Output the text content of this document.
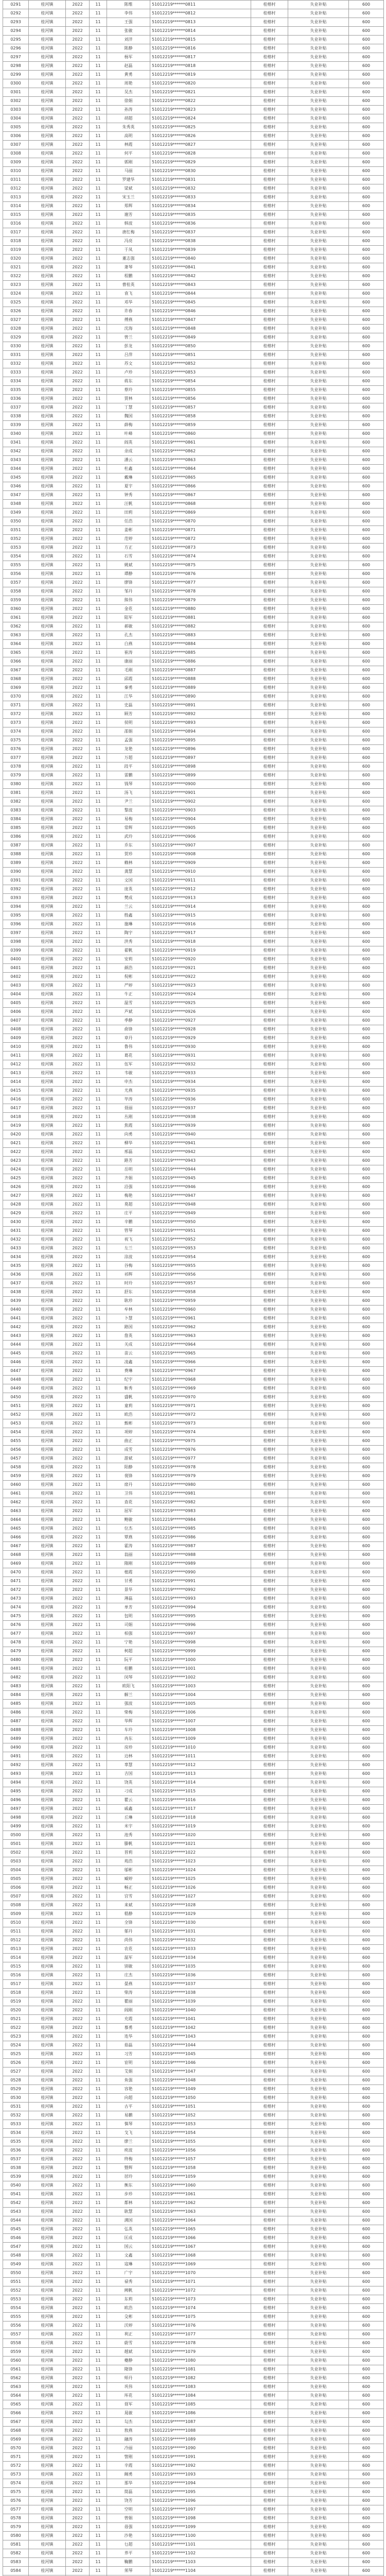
0291	桂河镇	2022	11	陈维	51012219******0811	桂榕村	失业补贴	600
0292	桂河镇	2022	11	李伟	51012219******0812	桂榕村	失业补贴	600
0293	桂河镇	2022	11	王强	51012219******0813	桂榕村	失业补贴	600
0294	桂河镇	2022	11	张敏	51012219******0814	桂榕村	失业补贴	600
0295	桂河镇	2022	11	刘洋	51012219******0815	桂榕村	失业补贴	600
0296	桂河镇	2022	11	陈静	51012219******0816	桂榕村	失业补贴	600
0297	桂河镇	2022	11	杨军	51012219******0817	桂榕村	失业补贴	600
0298	桂河镇	2022	11	赵磊	51012219******0818	桂榕村	失业补贴	600
0299	桂河镇	2022	11	黄勇	51012219******0819	桂榕村	失业补贴	600
0300	桂河镇	2022	11	周艳	51012219******0820	桂榕村	失业补贴	600
0301	桂河镇	2022	11	吴杰	51012219******0821	桂榕村	失业补贴	600
0302	桂河镇	2022	11	徐娟	51012219******0822	桂榕村	失业补贴	600
0303	桂河镇	2022	11	孙涛	51012219******0823	桂榕村	失业补贴	600
0304	桂河镇	2022	11	胡超	51012219******0824	桂榕村	失业补贴	600
0305	桂河镇	2022	11	朱秀英	51012219******0825	桂榕村	失业补贴	600
0306	桂河镇	2022	11	高明	51012219******0826	桂榕村	失业补贴	600
0307	桂河镇	2022	11	林霞	51012219******0827	桂榕村	失业补贴	600
0308	桂河镇	2022	11	何平	51012219******0828	桂榕村	失业补贴	600
0309	桂河镇	2022	11	郭刚	51012219******0829	桂榕村	失业补贴	600
0310	桂河镇	2022	11	马丽	51012219******0830	桂榕村	失业补贴	600
0311	桂河镇	2022	11	罗建华	51012219******0831	桂榕村	失业补贴	600
0312	桂河镇	2022	11	梁斌	51012219******0832	桂榕村	失业补贴	600
0313	桂河镇	2022	11	宋玉兰	51012219******0833	桂榕村	失业补贴	600
0314	桂河镇	2022	11	郑辉	51012219******0834	桂榕村	失业补贴	600
0315	桂河镇	2022	11	谢芳	51012219******0835	桂榕村	失业补贴	600
0316	桂河镇	2022	11	韩波	51012219******0836	桂榕村	失业补贴	600
0317	桂河镇	2022	11	唐红梅	51012219******0837	桂榕村	失业补贴	600
0318	桂河镇	2022	11	冯亮	51012219******0838	桂榕村	失业补贴	600
0319	桂河镇	2022	11	于凤	51012219******0839	桂榕村	失业补贴	600
0320	桂河镇	2022	11	董志强	51012219******0840	桂榕村	失业补贴	600
0321	桂河镇	2022	11	萧琴	51012219******0841	桂榕村	失业补贴	600
0322	桂河镇	2022	11	程鹏	51012219******0842	桂榕村	失业补贴	600
0323	桂河镇	2022	11	曹桂英	51012219******0843	桂榕村	失业补贴	600
0324	桂河镇	2022	11	袁飞	51012219******0844	桂榕村	失业补贴	600
0325	桂河镇	2022	11	邓华	51012219******0845	桂榕村	失业补贴	600
0326	桂河镇	2022	11	许春	51012219******0846	桂榕村	失业补贴	600
0327	桂河镇	2022	11	傅燕	51012219******0847	桂榕村	失业补贴	600
0328	桂河镇	2022	11	沈海	51012219******0848	桂榕村	失业补贴	600
0329	桂河镇	2022	11	曾兰	51012219******0849	桂榕村	失业补贴	600
0330	桂河镇	2022	11	彭龙	51012219******0850	桂榕村	失业补贴	600
0331	桂河镇	2022	11	吕萍	51012219******0851	桂榕村	失业补贴	600
0332	桂河镇	2022	11	苏文	51012219******0852	桂榕村	失业补贴	600
0333	桂河镇	2022	11	卢珍	51012219******0853	桂榕村	失业补贴	600
0334	桂河镇	2022	11	蒋东	51012219******0854	桂榕村	失业补贴	600
0335	桂河镇	2022	11	蔡玲	51012219******0855	桂榕村	失业补贴	600
0336	桂河镇	2022	11	贾林	51012219******0856	桂榕村	失业补贴	600
0337	桂河镇	2022	11	丁慧	51012219******0857	桂榕村	失业补贴	600
0338	桂河镇	2022	11	魏国	51012219******0858	桂榕村	失业补贴	600
0339	桂河镇	2022	11	薛梅	51012219******0859	桂榕村	失业补贴	600
0340	桂河镇	2022	11	叶峰	51012219******0860	桂榕村	失业补贴	600
0341	桂河镇	2022	11	阎英	51012219******0861	桂榕村	失业补贴	600
0342	桂河镇	2022	11	余成	51012219******0862	桂榕村	失业补贴	600
0343	桂河镇	2022	11	潘云	51012219******0863	桂榕村	失业补贴	600
0344	桂河镇	2022	11	杜鑫	51012219******0864	桂榕村	失业补贴	600
0345	桂河镇	2022	11	戴琳	51012219******0865	桂榕村	失业补贴	600
0346	桂河镇	2022	11	夏宇	51012219******0866	桂榕村	失业补贴	600
0347	桂河镇	2022	11	钟秀	51012219******0867	桂榕村	失业补贴	600
0348	桂河镇	2022	11	汪帆	51012219******0868	桂榕村	失业补贴	600
0349	桂河镇	2022	11	田莉	51012219******0869	桂榕村	失业补贴	600
0350	桂河镇	2022	11	任浩	51012219******0870	桂榕村	失业补贴	600
0351	桂河镇	2022	11	姜彬	51012219******0871	桂榕村	失业补贴	600
0352	桂河镇	2022	11	范婷	51012219******0872	桂榕村	失业补贴	600
0353	桂河镇	2022	11	方正	51012219******0873	桂榕村	失业补贴	600
0354	桂河镇	2022	11	石雪	51012219******0874	桂榕村	失业补贴	600
0355	桂河镇	2022	11	姚斌	51012219******0875	桂榕村	失业补贴	600
0356	桂河镇	2022	11	谭静	51012219******0876	桂榕村	失业补贴	600
0357	桂河镇	2022	11	廖锋	51012219******0877	桂榕村	失业补贴	600
0358	桂河镇	2022	11	邹丹	51012219******0878	桂榕村	失业补贴	600
0359	桂河镇	2022	11	熊伟	51012219******0879	桂榕村	失业补贴	600
0360	桂河镇	2022	11	金花	51012219******0880	桂榕村	失业补贴	600
0361	桂河镇	2022	11	陆军	51012219******0881	桂榕村	失业补贴	600
0362	桂河镇	2022	11	郝敏	51012219******0882	桂榕村	失业补贴	600
0363	桂河镇	2022	11	孔杰	51012219******0883	桂榕村	失业补贴	600
0364	桂河镇	2022	11	白燕	51012219******0884	桂榕村	失业补贴	600
0365	桂河镇	2022	11	崔涛	51012219******0885	桂榕村	失业补贴	600
0366	桂河镇	2022	11	康丽	51012219******0886	桂榕村	失业补贴	600
0367	桂河镇	2022	11	毛刚	51012219******0887	桂榕村	失业补贴	600
0368	桂河镇	2022	11	邱霞	51012219******0888	桂榕村	失业补贴	600
0369	桂河镇	2022	11	秦勇	51012219******0889	桂榕村	失业补贴	600
0370	桂河镇	2022	11	江华	51012219******0890	桂榕村	失业补贴	600
0371	桂河镇	2022	11	史磊	51012219******0891	桂榕村	失业补贴	600
0372	桂河镇	2022	11	顾芳	51012219******0892	桂榕村	失业补贴	600
0373	桂河镇	2022	11	侯明	51012219******0893	桂榕村	失业补贴	600
0374	桂河镇	2022	11	邵娟	51012219******0894	桂榕村	失业补贴	600
0375	桂河镇	2022	11	孟强	51012219******0895	桂榕村	失业补贴	600
0376	桂河镇	2022	11	龙艳	51012219******0896	桂榕村	失业补贴	600
0377	桂河镇	2022	11	万超	51012219******0897	桂榕村	失业补贴	600
0378	桂河镇	2022	11	段平	51012219******0898	桂榕村	失业补贴	600
0379	桂河镇	2022	11	雷鹏	51012219******0899	桂榕村	失业补贴	600
0380	桂河镇	2022	11	钱琴	51012219******0900	桂榕村	失业补贴	600
0381	桂河镇	2022	11	汤飞	51012219******0901	桂榕村	失业补贴	600
0382	桂河镇	2022	11	尹兰	51012219******0902	桂榕村	失业补贴	600
0383	桂河镇	2022	11	黎波	51012219******0903	桂榕村	失业补贴	600
0384	桂河镇	2022	11	易梅	51012219******0904	桂榕村	失业补贴	600
0385	桂河镇	2022	11	常辉	51012219******0905	桂榕村	失业补贴	600
0386	桂河镇	2022	11	武玲	51012219******0906	桂榕村	失业补贴	600
0387	桂河镇	2022	11	乔东	51012219******0907	桂榕村	失业补贴	600
0388	桂河镇	2022	11	贺珍	51012219******0908	桂榕村	失业补贴	600
0389	桂河镇	2022	11	赖林	51012219******0909	桂榕村	失业补贴	600
0390	桂河镇	2022	11	龚慧	51012219******0910	桂榕村	失业补贴	600
0391	桂河镇	2022	11	文国	51012219******0911	桂榕村	失业补贴	600
0392	桂河镇	2022	11	庞英	51012219******0912	桂榕村	失业补贴	600
0393	桂河镇	2022	11	樊成	51012219******0913	桂榕村	失业补贴	600
0394	桂河镇	2022	11	兰云	51012219******0914	桂榕村	失业补贴	600
0395	桂河镇	2022	11	殷鑫	51012219******0915	桂榕村	失业补贴	600
0396	桂河镇	2022	11	施琳	51012219******0916	桂榕村	失业补贴	600
0397	桂河镇	2022	11	陶宇	51012219******0917	桂榕村	失业补贴	600
0398	桂河镇	2022	11	洪秀	51012219******0918	桂榕村	失业补贴	600
0399	桂河镇	2022	11	翟帆	51012219******0919	桂榕村	失业补贴	600
0400	桂河镇	2022	11	安莉	51012219******0920	桂榕村	失业补贴	600
0401	桂河镇	2022	11	颜浩	51012219******0921	桂榕村	失业补贴	600
0402	桂河镇	2022	11	倪彬	51012219******0922	桂榕村	失业补贴	600
0403	桂河镇	2022	11	严婷	51012219******0923	桂榕村	失业补贴	600
0404	桂河镇	2022	11	牛正	51012219******0924	桂榕村	失业补贴	600
0405	桂河镇	2022	11	温雪	51012219******0925	桂榕村	失业补贴	600
0406	桂河镇	2022	11	芦斌	51012219******0926	桂榕村	失业补贴	600
0407	桂河镇	2022	11	季静	51012219******0927	桂榕村	失业补贴	600
0408	桂河镇	2022	11	俞锋	51012219******0928	桂榕村	失业补贴	600
0409	桂河镇	2022	11	章丹	51012219******0929	桂榕村	失业补贴	600
0410	桂河镇	2022	11	鲁伟	51012219******0930	桂榕村	失业补贴	600
0411	桂河镇	2022	11	葛花	51012219******0931	桂榕村	失业补贴	600
0412	桂河镇	2022	11	伍军	51012219******0932	桂榕村	失业补贴	600
0413	桂河镇	2022	11	韦敏	51012219******0933	桂榕村	失业补贴	600
0414	桂河镇	2022	11	申杰	51012219******0934	桂榕村	失业补贴	600
0415	桂河镇	2022	11	尤燕	51012219******0935	桂榕村	失业补贴	600
0416	桂河镇	2022	11	毕涛	51012219******0936	桂榕村	失业补贴	600
0417	桂河镇	2022	11	聂丽	51012219******0937	桂榕村	失业补贴	600
0418	桂河镇	2022	11	丛刚	51012219******0938	桂榕村	失业补贴	600
0419	桂河镇	2022	11	焦霞	51012219******0939	桂榕村	失业补贴	600
0420	桂河镇	2022	11	向勇	51012219******0940	桂榕村	失业补贴	600
0421	桂河镇	2022	11	柳华	51012219******0941	桂榕村	失业补贴	600
0422	桂河镇	2022	11	邢磊	51012219******0942	桂榕村	失业补贴	600
0423	桂河镇	2022	11	路芳	51012219******0943	桂榕村	失业补贴	600
0424	桂河镇	2022	11	岳明	51012219******0944	桂榕村	失业补贴	600
0425	桂河镇	2022	11	齐娟	51012219******0945	桂榕村	失业补贴	600
0426	桂河镇	2022	11	沿强	51012219******0946	桂榕村	失业补贴	600
0427	桂河镇	2022	11	梅艳	51012219******0947	桂榕村	失业补贴	600
0428	桂河镇	2022	11	莫超	51012219******0948	桂榕村	失业补贴	600
0429	桂河镇	2022	11	庄平	51012219******0949	桂榕村	失业补贴	600
0430	桂河镇	2022	11	辛鹏	51012219******0950	桂榕村	失业补贴	600
0431	桂河镇	2022	11	管琴	51012219******0951	桂榕村	失业补贴	600
0432	桂河镇	2022	11	祝飞	51012219******0952	桂榕村	失业补贴	600
0433	桂河镇	2022	11	左兰	51012219******0953	桂榕村	失业补贴	600
0434	桂河镇	2022	11	涂波	51012219******0954	桂榕村	失业补贴	600
0435	桂河镇	2022	11	谷梅	51012219******0955	桂榕村	失业补贴	600
0436	桂河镇	2022	11	祁辉	51012219******0956	桂榕村	失业补贴	600
0437	桂河镇	2022	11	时玲	51012219******0957	桂榕村	失业补贴	600
0438	桂河镇	2022	11	舒东	51012219******0958	桂榕村	失业补贴	600
0439	桂河镇	2022	11	耿珍	51012219******0959	桂榕村	失业补贴	600
0440	桂河镇	2022	11	牟林	51012219******0960	桂榕村	失业补贴	600
0441	桂河镇	2022	11	卜慧	51012219******0961	桂榕村	失业补贴	600
0442	桂河镇	2022	11	路国	51012219******0962	桂榕村	失业补贴	600
0443	桂河镇	2022	11	詹英	51012219******0963	桂榕村	失业补贴	600
0444	桂河镇	2022	11	关成	51012219******0964	桂榕村	失业补贴	600
0445	桂河镇	2022	11	苗云	51012219******0965	桂榕村	失业补贴	600
0446	桂河镇	2022	11	凌鑫	51012219******0966	桂榕村	失业补贴	600
0447	桂河镇	2022	11	费琳	51012219******0967	桂榕村	失业补贴	600
0448	桂河镇	2022	11	纪宇	51012219******0968	桂榕村	失业补贴	600
0449	桂河镇	2022	11	靳秀	51012219******0969	桂榕村	失业补贴	600
0450	桂河镇	2022	11	盛帆	51012219******0970	桂榕村	失业补贴	600
0451	桂河镇	2022	11	童莉	51012219******0971	桂榕村	失业补贴	600
0452	桂河镇	2022	11	欧浩	51012219******0972	桂榕村	失业补贴	600
0453	桂河镇	2022	11	甄彬	51012219******0973	桂榕村	失业补贴	600
0454	桂河镇	2022	11	项婷	51012219******0974	桂榕村	失业补贴	600
0455	桂河镇	2022	11	曲正	51012219******0975	桂榕村	失业补贴	600
0456	桂河镇	2022	11	成雪	51012219******0976	桂榕村	失业补贴	600
0457	桂河镇	2022	11	游斌	51012219******0977	桂榕村	失业补贴	600
0458	桂河镇	2022	11	阳静	51012219******0978	桂榕村	失业补贴	600
0459	桂河镇	2022	11	裴锋	51012219******0979	桂榕村	失业补贴	600
0460	桂河镇	2022	11	席丹	51012219******0980	桂榕村	失业补贴	600
0461	桂河镇	2022	11	卫伟	51012219******0981	桂榕村	失业补贴	600
0462	桂河镇	2022	11	查花	51012219******0982	桂榕村	失业补贴	600
0463	桂河镇	2022	11	屈军	51012219******0983	桂榕村	失业补贴	600
0464	桂河镇	2022	11	鲍敏	51012219******0984	桂榕村	失业补贴	600
0465	桂河镇	2022	11	位杰	51012219******0985	桂榕村	失业补贴	600
0466	桂河镇	2022	11	覃燕	51012219******0986	桂榕村	失业补贴	600
0467	桂河镇	2022	11	霍涛	51012219******0987	桂榕村	失业补贴	600
0468	桂河镇	2022	11	翁丽	51012219******0988	桂榕村	失业补贴	600
0469	桂河镇	2022	11	隋刚	51012219******0989	桂榕村	失业补贴	600
0470	桂河镇	2022	11	植霞	51012219******0990	桂榕村	失业补贴	600
0471	桂河镇	2022	11	甘勇	51012219******0991	桂榕村	失业补贴	600
0472	桂河镇	2022	11	景华	51012219******0992	桂榕村	失业补贴	600
0473	桂河镇	2022	11	薄磊	51012219******0993	桂榕村	失业补贴	600
0474	桂河镇	2022	11	单芳	51012219******0994	桂榕村	失业补贴	600
0475	桂河镇	2022	11	包明	51012219******0995	桂榕村	失业补贴	600
0476	桂河镇	2022	11	司娟	51012219******0996	桂榕村	失业补贴	600
0477	桂河镇	2022	11	柏强	51012219******0997	桂榕村	失业补贴	600
0478	桂河镇	2022	11	宁艳	51012219******0998	桂榕村	失业补贴	600
0479	桂河镇	2022	11	柯超	51012219******0999	桂榕村	失业补贴	600
0480	桂河镇	2022	11	阮平	51012219******1000	桂榕村	失业补贴	600
0481	桂河镇	2022	11	桂鹏	51012219******1001	桂榕村	失业补贴	600
0482	桂河镇	2022	11	闵琴	51012219******1002	桂榕村	失业补贴	600
0483	桂河镇	2022	11	欧阳飞	51012219******1003	桂榕村	失业补贴	600
0484	桂河镇	2022	11	解兰	51012219******1004	桂榕村	失业补贴	600
0485	桂河镇	2022	11	强波	51012219******1005	桂榕村	失业补贴	600
0486	桂河镇	2022	11	柴梅	51012219******1006	桂榕村	失业补贴	600
0487	桂河镇	2022	11	华辉	51012219******1007	桂榕村	失业补贴	600
0488	桂河镇	2022	11	车玲	51012219******1008	桂榕村	失业补贴	600
0489	桂河镇	2022	11	冉东	51012219******1009	桂榕村	失业补贴	600
0490	桂河镇	2022	11	房珍	51012219******1010	桂榕村	失业补贴	600
0491	桂河镇	2022	11	边林	51012219******1011	桂榕村	失业补贴	600
0492	桂河镇	2022	11	辜慧	51012219******1012	桂榕村	失业补贴	600
0493	桂河镇	2022	11	吉国	51012219******1013	桂榕村	失业补贴	600
0494	桂河镇	2022	11	饶英	51012219******1014	桂榕村	失业补贴	600
0495	桂河镇	2022	11	刁成	51012219******1015	桂榕村	失业补贴	600
0496	桂河镇	2022	11	瞿云	51012219******1016	桂榕村	失业补贴	600
0497	桂河镇	2022	11	戚鑫	51012219******1017	桂榕村	失业补贴	600
0498	桂河镇	2022	11	丘琳	51012219******1018	桂榕村	失业补贴	600
0499	桂河镇	2022	11	米宇	51012219******1019	桂榕村	失业补贴	600
0500	桂河镇	2022	11	池秀	51012219******1020	桂榕村	失业补贴	600
0501	桂河镇	2022	11	滕帆	51012219******1021	桂榕村	失业补贴	600
0502	桂河镇	2022	11	晋莉	51012219******1022	桂榕村	失业补贴	600
0503	桂河镇	2022	11	苑浩	51012219******1023	桂榕村	失业补贴	600
0504	桂河镇	2022	11	邬彬	51012219******1024	桂榕村	失业补贴	600
0505	桂河镇	2022	11	臧婷	51012219******1025	桂榕村	失业补贴	600
0506	桂河镇	2022	11	畅正	51012219******1026	桂榕村	失业补贴	600
0507	桂河镇	2022	11	宫雪	51012219******1027	桂榕村	失业补贴	600
0508	桂河镇	2022	11	来斌	51012219******1028	桂榕村	失业补贴	600
0509	桂河镇	2022	11	嵇静	51012219******1029	桂榕村	失业补贴	600
0510	桂河镇	2022	11	全锋	51012219******1030	桂榕村	失业补贴	600
0511	桂河镇	2022	11	郁丹	51012219******1031	桂榕村	失业补贴	600
0512	桂河镇	2022	11	尚伟	51012219******1032	桂榕村	失业补贴	600
0513	桂河镇	2022	11	农花	51012219******1033	桂榕村	失业补贴	600
0514	桂河镇	2022	11	温军	51012219******1034	桂榕村	失业补贴	600
0515	桂河镇	2022	11	别敏	51012219******1035	桂榕村	失业补贴	600
0516	桂河镇	2022	11	庄杰	51012219******1036	桂榕村	失业补贴	600
0517	桂河镇	2022	11	晏燕	51012219******1037	桂榕村	失业补贴	600
0518	桂河镇	2022	11	柴涛	51012219******1038	桂榕村	失业补贴	600
0519	桂河镇	2022	11	瞿丽	51012219******1039	桂榕村	失业补贴	600
0520	桂河镇	2022	11	阎刚	51012219******1040	桂榕村	失业补贴	600
0521	桂河镇	2022	11	充霞	51012219******1041	桂榕村	失业补贴	600
0522	桂河镇	2022	11	慕勇	51012219******1042	桂榕村	失业补贴	600
0523	桂河镇	2022	11	连华	51012219******1043	桂榕村	失业补贴	600
0524	桂河镇	2022	11	茹磊	51012219******1044	桂榕村	失业补贴	600
0525	桂河镇	2022	11	习芳	51012219******1045	桂榕村	失业补贴	600
0526	桂河镇	2022	11	宦明	51012219******1046	桂榕村	失业补贴	600
0527	桂河镇	2022	11	艾娟	51012219******1047	桂榕村	失业补贴	600
0528	桂河镇	2022	11	鱼强	51012219******1048	桂榕村	失业补贴	600
0529	桂河镇	2022	11	容艳	51012219******1049	桂榕村	失业补贴	600
0530	桂河镇	2022	11	向超	51012219******1050	桂榕村	失业补贴	600
0531	桂河镇	2022	11	古平	51012219******1051	桂榕村	失业补贴	600
0532	桂河镇	2022	11	易鹏	51012219******1052	桂榕村	失业补贴	600
0533	桂河镇	2022	11	慎琴	51012219******1053	桂榕村	失业补贴	600
0534	桂河镇	2022	11	戈飞	51012219******1054	桂榕村	失业补贴	600
0535	桂河镇	2022	11	廖兰	51012219******1055	桂榕村	失业补贴	600
0536	桂河镇	2022	11	庾波	51012219******1056	桂榕村	失业补贴	600
0537	桂河镇	2022	11	终梅	51012219******1057	桂榕村	失业补贴	600
0538	桂河镇	2022	11	暨辉	51012219******1058	桂榕村	失业补贴	600
0539	桂河镇	2022	11	居玲	51012219******1059	桂榕村	失业补贴	600
0540	桂河镇	2022	11	衡东	51012219******1060	桂榕村	失业补贴	600
0541	桂河镇	2022	11	步珍	51012219******1061	桂榕村	失业补贴	600
0542	桂河镇	2022	11	都林	51012219******1062	桂榕村	失业补贴	600
0543	桂河镇	2022	11	耿慧	51012219******1063	桂榕村	失业补贴	600
0544	桂河镇	2022	11	满国	51012219******1064	桂榕村	失业补贴	600
0545	桂河镇	2022	11	弘英	51012219******1065	桂榕村	失业补贴	600
0546	桂河镇	2022	11	匡成	51012219******1066	桂榕村	失业补贴	600
0547	桂河镇	2022	11	国云	51012219******1067	桂榕村	失业补贴	600
0548	桂河镇	2022	11	文鑫	51012219******1068	桂榕村	失业补贴	600
0549	桂河镇	2022	11	寇琳	51012219******1069	桂榕村	失业补贴	600
0550	桂河镇	2022	11	广宇	51012219******1070	桂榕村	失业补贴	600
0551	桂河镇	2022	11	禄秀	51012219******1071	桂榕村	失业补贴	600
0552	桂河镇	2022	11	阙帆	51012219******1072	桂榕村	失业补贴	600
0553	桂河镇	2022	11	东莉	51012219******1073	桂榕村	失业补贴	600
0554	桂河镇	2022	11	欧浩	51012219******1074	桂榕村	失业补贴	600
0555	桂河镇	2022	11	殳彬	51012219******1075	桂榕村	失业补贴	600
0556	桂河镇	2022	11	沃婷	51012219******1076	桂榕村	失业补贴	600
0557	桂河镇	2022	11	利正	51012219******1077	桂榕村	失业补贴	600
0558	桂河镇	2022	11	蔚雪	51012219******1078	桂榕村	失业补贴	600
0559	桂河镇	2022	11	越斌	51012219******1079	桂榕村	失业补贴	600
0560	桂河镇	2022	11	夔静	51012219******1080	桂榕村	失业补贴	600
0561	桂河镇	2022	11	隆锋	51012219******1081	桂榕村	失业补贴	600
0562	桂河镇	2022	11	师丹	51012219******1082	桂榕村	失业补贴	600
0563	桂河镇	2022	11	巩伟	51012219******1083	桂榕村	失业补贴	600
0564	桂河镇	2022	11	厍花	51012219******1084	桂榕村	失业补贴	600
0565	桂河镇	2022	11	聂军	51012219******1085	桂榕村	失业补贴	600
0566	桂河镇	2022	11	晁敏	51012219******1086	桂榕村	失业补贴	600
0567	桂河镇	2022	11	勾杰	51012219******1087	桂榕村	失业补贴	600
0568	桂河镇	2022	11	敖燕	51012219******1088	桂榕村	失业补贴	600
0569	桂河镇	2022	11	融涛	51012219******1089	桂榕村	失业补贴	600
0570	桂河镇	2022	11	冷丽	51012219******1090	桂榕村	失业补贴	600
0571	桂河镇	2022	11	訾刚	51012219******1091	桂榕村	失业补贴	600
0572	桂河镇	2022	11	辛霞	51012219******1092	桂榕村	失业补贴	600
0573	桂河镇	2022	11	阚勇	51012219******1093	桂榕村	失业补贴	600
0574	桂河镇	2022	11	那华	51012219******1094	桂榕村	失业补贴	600
0575	桂河镇	2022	11	简磊	51012219******1095	桂榕村	失业补贴	600
0576	桂河镇	2022	11	饶芳	51012219******1096	桂榕村	失业补贴	600
0577	桂河镇	2022	11	空明	51012219******1097	桂榕村	失业补贴	600
0578	桂河镇	2022	11	曾娟	51012219******1098	桂榕村	失业补贴	600
0579	桂河镇	2022	11	毋强	51012219******1099	桂榕村	失业补贴	600
0580	桂河镇	2022	11	沙艳	51012219******1100	桂榕村	失业补贴	600
0581	桂河镇	2022	11	乜超	51012219******1101	桂榕村	失业补贴	600
0582	桂河镇	2022	11	养平	51012219******1102	桂榕村	失业补贴	600
0583	桂河镇	2022	11	鞠鹏	51012219******1103	桂榕村	失业补贴	600
0584	桂河镇	2022	11	须琴	51012219******1104	桂榕村	失业补贴	600
